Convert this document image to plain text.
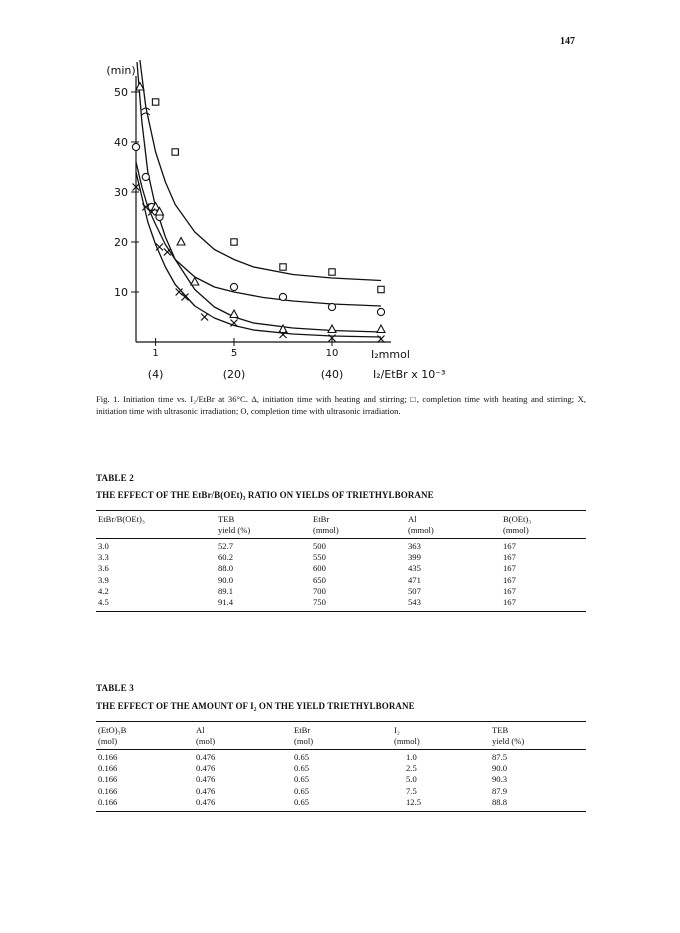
147
10
20
30
40
50
(min)
1
(4)
5
(20)
10
(40)
I₂mmol
I₂/EtBr x 10⁻³
Fig. 1. Initiation time vs. I₂/EtBr at 36°C. Δ, initiation time with heating and stirring; □, completion time with heating and stirring; X, initiation time with ultrasonic irradiation; O, completion time with ultrasonic irradiation.
TABLE 2
THE EFFECT OF THE EtBr/B(OEt)₃ RATIO ON YIELDS OF TRIETHYLBORANE
EtBr/B(OEt)₃	TEB	EtBr	Al	B(OEt)₃
	yield (%)	(mmol)	(mmol)	(mmol)
3.0	52.7	500	363	167
3.3	60.2	550	399	167
3.6	88.0	600	435	167
3.9	90.0	650	471	167
4.2	89.1	700	507	167
4.5	91.4	750	543	167
TABLE 3
THE EFFECT OF THE AMOUNT OF I₂ ON THE YIELD TRIETHYLBORANE
(EtO)₃B	Al	EtBr	I₂	TEB
(mol)	(mol)	(mol)	(mmol)	yield (%)
0.166	0.476	0.65	1.0	87.5
0.166	0.476	0.65	2.5	90.0
0.166	0.476	0.65	5.0	90.3
0.166	0.476	0.65	7.5	87.9
0.166	0.476	0.65	12.5	88.8
